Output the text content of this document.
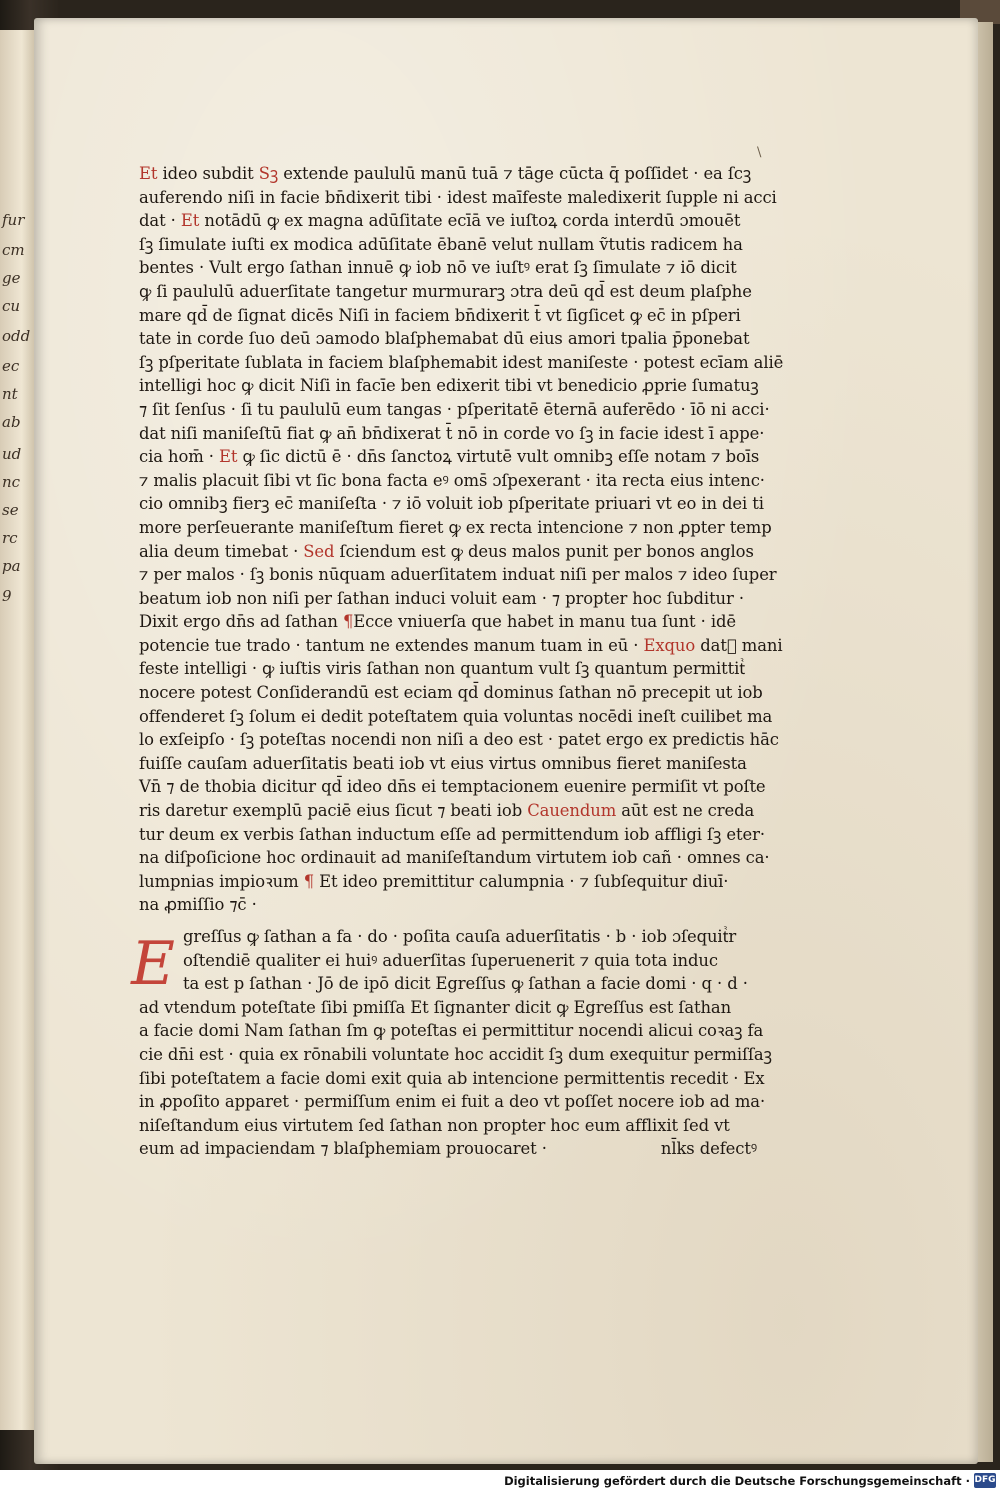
fur
cm
ge
cu
odd
ec
nt
ab
ud
nc
se
rc
pa
9
\
E
Et ideo subdit Sꝫ extende paululū manū tuā ⁊ tāge cūcta q̄ poſſidet · ea ſcꝫ
auferendo niſi in facie bn̄dixerit tibi · idest maīfeste maledixerit ſupple ni acci
dat · Et notādū ꝙ ex magna adūſitate ecīā ve iuſtoꝝ corda interdū ɔmouēt
ſꝫ ſimulate iuſti ex modica adūſitate ēbanē velut nullam ṽtutis radicem ha
bentes · Vult ergo ſathan innuē ꝙ iob nō ve iuſtꝰ erat ſꝫ ſimulate ⁊ iō dicit
ꝙ ſi paululū aduerſitate tangetur murmurarꝫ ɔtra deū qd̄ est deum plaſphe
mare qd̄ de ſignat dicēs Niſi in faciem bn̄dixerit t̄ vt ſigſicet ꝙ ec̄ in pſperi
tate in corde ſuo deū ɔamodo blaſphemabat dū eius amori tpalia p̄ponebat
ſꝫ pſperitate ſublata in faciem blaſphemabit idest maniſeste · potest ecīam aliē
intelligi hoc ꝙ dicit Niſi in facīe ben edixerit tibi vt benedicio ꝓprie ſumatuꝫ
⁊ ſit ſenſus · ſi tu paululū eum tangas · pſperitatē ēternā auferēdo · īō ni acci·
dat niſi maniſeſtū fiat ꝙ an̄ bn̄dixerat t̄ nō in corde vo ſꝫ in facie idest ī appe·
cia hom̄ · Et ꝙ ſic dictū ē · dn̄s ſanctoꝝ virtutē vult omnibꝫ eſſe notam ⁊ boīs
⁊ malis placuit ſibi vt ſic bona facta eꝰ oms̄ ɔſpexerant · ita recta eius intenc·
cio omnibꝫ fierꝫ ec̄ maniſeſta · ⁊ iō voluit iob pſperitate priuari vt eo in dei ti
more perſeuerante maniſeſtum fieret ꝙ ex recta intencione ⁊ non ꝓpter temp
alia deum timebat · Sed ſciendum est ꝙ deus malos punit per bonos anglos
⁊ per malos · ſꝫ bonis nūquam aduerſitatem induat niſi per malos ⁊ ideo ſuper
beatum iob non niſi per ſathan induci voluit eam · ⁊ propter hoc ſubditur ·
Dixit ergo dn̄s ad ſathan ¶Ecce vniuerſa que habet in manu tua ſunt · idē
potencie tue trado · tantum ne extendes manum tuam in eū · Exquo datᷣ mani
feste intelligi · ꝙ iuſtis viris ſathan non quantum vult ſꝫ quantum permittitᷣ
nocere potest Conſiderandū est eciam qd̄ dominus ſathan nō precepit ut iob
offenderet ſꝫ ſolum ei dedit poteſtatem quia voluntas nocēdi ineſt cuilibet ma
lo exſeipſo · ſꝫ poteſtas nocendi non niſi a deo est · patet ergo ex predictis hāc
fuiſſe cauſam aduerſitatis beati iob vt eius virtus omnibus fieret maniſesta
Vn̄ ⁊ de thobia dicitur qd̄ ideo dn̄s ei temptacionem euenire permiſit vt poſte
ris daretur exemplū paciē eius ſicut ⁊ beati iob Cauendum aūt est ne creda
tur deum ex verbis ſathan inductum eſſe ad permittendum iob affligi ſꝫ eter·
na diſpoſicione hoc ordinauit ad maniſeſtandum virtutem iob cañ · omnes ca·
lumpnias impioꝛum ¶ Et ideo premittitur calumpnia · ⁊ ſubſequitur diuī·
na ꝓmiſſio ⁊c̄ ·
greſſus ꝙ ſathan a fa · do · poſita cauſa aduerſitatis · b · iob ɔſequitᷣr
oſtendiē qualiter ei huiꝰ aduerſitas ſuperuenerit ⁊ quia tota induc
ta est p ſathan · Jō de ipō dicit Egreſſus ꝙ ſathan a facie domi · q · d ·
ad vtendum poteſtate ſibi pmiſſa Et ſignanter dicit ꝙ Egreſſus est ſathan
a facie domi Nam ſathan ſm ꝙ poteſtas ei permittitur nocendi alicui coꝛaꝫ fa
cie dn̄i est · quia ex rōnabili voluntate hoc accidit ſꝫ dum exequitur permiſſaꝫ
ſibi poteſtatem a facie domi exit quia ab intencione permittentis recedit · Ex
in ꝓpoſito apparet · permiſſum enim ei fuit a deo vt poſſet nocere iob ad ma·
niſeſtandum eius virtutem ſed ſathan non propter hoc eum afflixit ſed vt
eum ad impaciendam ⁊ blaſphemiam prouocaret ·	nl̄ks defectꝰ
Digitalisierung gefördert durch die Deutsche Forschungsgemeinschaft · DFG
